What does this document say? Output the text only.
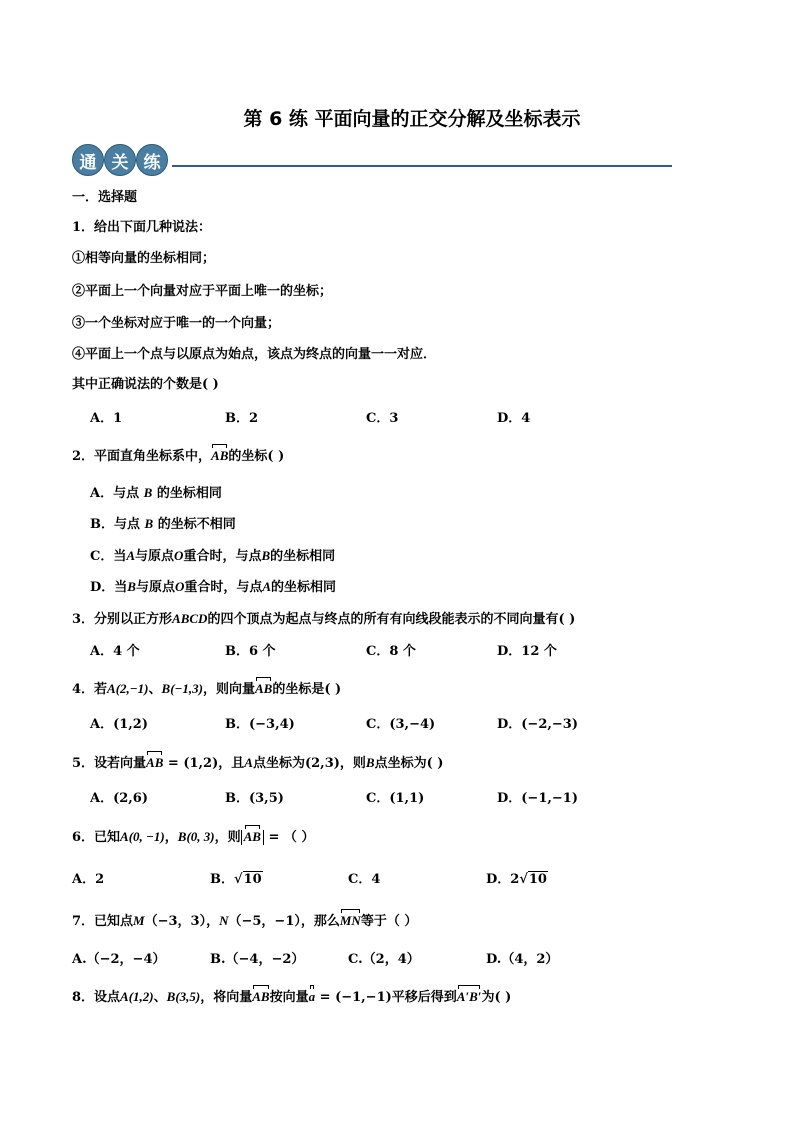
第 6 练 平面向量的正交分解及坐标表示
通 关 练
一．选择题
1．给出下面几种说法：
①相等向量的坐标相同；
②平面上一个向量对应于平面上唯一的坐标；
③一个坐标对应于唯一的一个向量；
④平面上一个点与以原点为始点，该点为终点的向量一一对应．
其中正确说法的个数是( )
A．1	B．2	C．3	D．4
2．平面直角坐标系中，AB的坐标( )
A．与点 B 的坐标相同
B．与点 B 的坐标不相同
C．当A与原点O重合时，与点B的坐标相同
D．当B与原点O重合时，与点A的坐标相同
3．分别以正方形ABCD的四个顶点为起点与终点的所有有向线段能表示的不同向量有( )
A．4 个	B．6 个	C．8 个	D．12 个
4．若A(2,−1)、B(−1,3)，则向量AB的坐标是( )
A．(1,2)	B．(−3,4)	C．(3,−4)	D．(−2,−3)
5．设若向量AB = (1,2)，且A点坐标为(2,3)，则B点坐标为( )
A．(2,6)	B．(3,5)	C．(1,1)	D．(−1,−1)
6．已知A(0, −1)，B(0, 3)，则 AB = （ ）
A．2	B．√10	C．4	D．2√10
7．已知点M（−3，3），N（−5，−1），那么MN等于（ ）
A.（−2，−4）	B.（−4，−2）	C.（2，4）	D.（4，2）
8．设点A(1,2)、B(3,5)，将向量AB按向量a = (−1,−1)平移后得到A′B′为( )
